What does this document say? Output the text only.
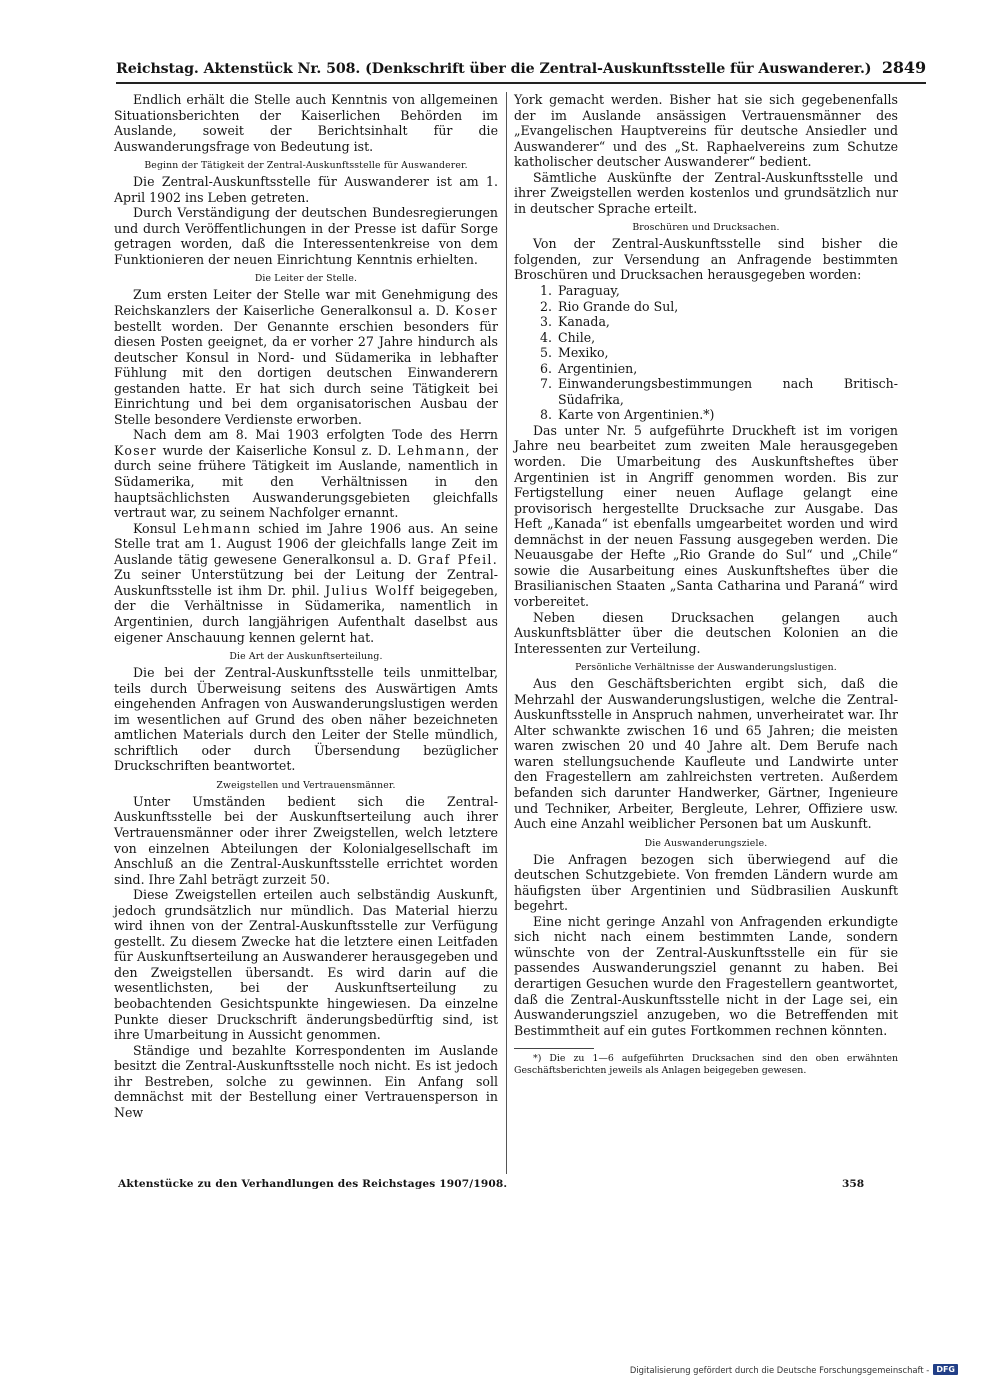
Reichstag. Aktenstück Nr. 508. (Denkschrift über die Zentral-Auskunftsstelle für Auswanderer.) 2849

Endlich erhält die Stelle auch Kenntnis von allgemeinen Situationsberichten der Kaiserlichen Behörden im Auslande, soweit der Berichtsinhalt für die Auswanderungsfrage von Bedeutung ist.

Beginn der Tätigkeit der Zentral-Auskunftsstelle für Auswanderer.

Die Zentral-Auskunftsstelle für Auswanderer ist am 1. April 1902 ins Leben getreten.

Durch Verständigung der deutschen Bundesregierungen und durch Veröffentlichungen in der Presse ist dafür Sorge getragen worden, daß die Interessentenkreise von dem Funktionieren der neuen Einrichtung Kenntnis erhielten.

Die Leiter der Stelle.

Zum ersten Leiter der Stelle war mit Genehmigung des Reichskanzlers der Kaiserliche Generalkonsul a. D. Koser bestellt worden. Der Genannte erschien besonders für diesen Posten geeignet, da er vorher 27 Jahre hindurch als deutscher Konsul in Nord- und Südamerika in lebhafter Fühlung mit den dortigen deutschen Einwanderern gestanden hatte. Er hat sich durch seine Tätigkeit bei Einrichtung und bei dem organisatorischen Ausbau der Stelle besondere Verdienste erworben.

Nach dem am 8. Mai 1903 erfolgten Tode des Herrn Koser wurde der Kaiserliche Konsul z. D. Lehmann, der durch seine frühere Tätigkeit im Auslande, namentlich in Südamerika, mit den Verhältnissen in den hauptsächlichsten Auswanderungsgebieten gleichfalls vertraut war, zu seinem Nachfolger ernannt.

Konsul Lehmann schied im Jahre 1906 aus. An seine Stelle trat am 1. August 1906 der gleichfalls lange Zeit im Auslande tätig gewesene Generalkonsul a. D. Graf Pfeil. Zu seiner Unterstützung bei der Leitung der Zentral-Auskunftsstelle ist ihm Dr. phil. Julius Wolff beigegeben, der die Verhältnisse in Südamerika, namentlich in Argentinien, durch langjährigen Aufenthalt daselbst aus eigener Anschauung kennen gelernt hat.

Die Art der Auskunftserteilung.

Die bei der Zentral-Auskunftsstelle teils unmittelbar, teils durch Überweisung seitens des Auswärtigen Amts eingehenden Anfragen von Auswanderungslustigen werden im wesentlichen auf Grund des oben näher bezeichneten amtlichen Materials durch den Leiter der Stelle mündlich, schriftlich oder durch Übersendung bezüglicher Druckschriften beantwortet.

Zweigstellen und Vertrauensmänner.

Unter Umständen bedient sich die Zentral-Auskunftsstelle bei der Auskunftserteilung auch ihrer Vertrauensmänner oder ihrer Zweigstellen, welch letztere von einzelnen Abteilungen der Kolonialgesellschaft im Anschluß an die Zentral-Auskunftsstelle errichtet worden sind. Ihre Zahl beträgt zurzeit 50.

Diese Zweigstellen erteilen auch selbständig Auskunft, jedoch grundsätzlich nur mündlich. Das Material hierzu wird ihnen von der Zentral-Auskunftsstelle zur Verfügung gestellt. Zu diesem Zwecke hat die letztere einen Leitfaden für Auskunftserteilung an Auswanderer herausgegeben und den Zweigstellen übersandt. Es wird darin auf die wesentlichsten, bei der Auskunftserteilung zu beobachtenden Gesichtspunkte hingewiesen. Da einzelne Punkte dieser Druckschrift änderungsbedürftig sind, ist ihre Umarbeitung in Aussicht genommen.

Ständige und bezahlte Korrespondenten im Auslande besitzt die Zentral-Auskunftsstelle noch nicht. Es ist jedoch ihr Bestreben, solche zu gewinnen. Ein Anfang soll demnächst mit der Bestellung einer Vertrauensperson in New

York gemacht werden. Bisher hat sie sich gegebenenfalls der im Auslande ansässigen Vertrauensmänner des „Evangelischen Hauptvereins für deutsche Ansiedler und Auswanderer“ und des „St. Raphaelvereins zum Schutze katholischer deutscher Auswanderer“ bedient.

Sämtliche Auskünfte der Zentral-Auskunftsstelle und ihrer Zweigstellen werden kostenlos und grundsätzlich nur in deutscher Sprache erteilt.

Broschüren und Drucksachen.

Von der Zentral-Auskunftsstelle sind bisher die folgenden, zur Versendung an Anfragende bestimmten Broschüren und Drucksachen herausgegeben worden:

1. Paraguay,
2. Rio Grande do Sul,
3. Kanada,
4. Chile,
5. Mexiko,
6. Argentinien,
7. Einwanderungsbestimmungen nach Britisch-Südafrika,
8. Karte von Argentinien.*)

Das unter Nr. 5 aufgeführte Druckheft ist im vorigen Jahre neu bearbeitet zum zweiten Male herausgegeben worden. Die Umarbeitung des Auskunftsheftes über Argentinien ist in Angriff genommen worden. Bis zur Fertigstellung einer neuen Auflage gelangt eine provisorisch hergestellte Drucksache zur Ausgabe. Das Heft „Kanada“ ist ebenfalls umgearbeitet worden und wird demnächst in der neuen Fassung ausgegeben werden. Die Neuausgabe der Hefte „Rio Grande do Sul“ und „Chile“ sowie die Ausarbeitung eines Auskunftsheftes über die Brasilianischen Staaten „Santa Catharina und Paraná“ wird vorbereitet.

Neben diesen Drucksachen gelangen auch Auskunftsblätter über die deutschen Kolonien an die Interessenten zur Verteilung.

Persönliche Verhältnisse der Auswanderungslustigen.

Aus den Geschäftsberichten ergibt sich, daß die Mehrzahl der Auswanderungslustigen, welche die Zentral-Auskunftsstelle in Anspruch nahmen, unverheiratet war. Ihr Alter schwankte zwischen 16 und 65 Jahren; die meisten waren zwischen 20 und 40 Jahre alt. Dem Berufe nach waren stellungsuchende Kaufleute und Landwirte unter den Fragestellern am zahlreichsten vertreten. Außerdem befanden sich darunter Handwerker, Gärtner, Ingenieure und Techniker, Arbeiter, Bergleute, Lehrer, Offiziere usw. Auch eine Anzahl weiblicher Personen bat um Auskunft.

Die Auswanderungsziele.

Die Anfragen bezogen sich überwiegend auf die deutschen Schutzgebiete. Von fremden Ländern wurde am häufigsten über Argentinien und Südbrasilien Auskunft begehrt.

Eine nicht geringe Anzahl von Anfragenden erkundigte sich nicht nach einem bestimmten Lande, sondern wünschte von der Zentral-Auskunftsstelle ein für sie passendes Auswanderungsziel genannt zu haben. Bei derartigen Gesuchen wurde den Fragestellern geantwortet, daß die Zentral-Auskunftsstelle nicht in der Lage sei, ein Auswanderungsziel anzugeben, wo die Betreffenden mit Bestimmtheit auf ein gutes Fortkommen rechnen könnten.

*) Die zu 1—6 aufgeführten Drucksachen sind den oben erwähnten Geschäftsberichten jeweils als Anlagen beigegeben gewesen.
Aktenstücke zu den Verhandlungen des Reichstages 1907/1908.	358
Digitalisierung gefördert durch die Deutsche Forschungsgemeinschaft - DFG
